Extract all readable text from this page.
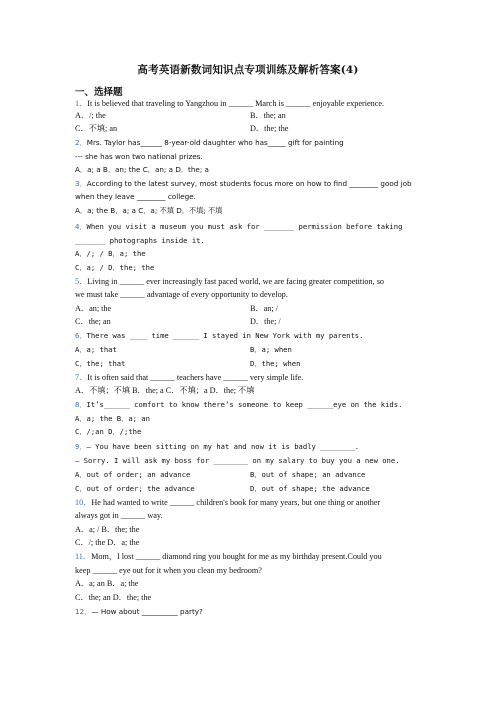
高考英语新数词知识点专项训练及解析答案(4)
一、选择题
1．It is believed that traveling to Yangzhou in ______ March is ______ enjoyable experience.
A．/; the	B．the; an
C．不填; an	D．the; the
2．Mrs. Taylor has______ 8-year-old daughter who has_____ gift for painting
--- she has won two national prizes.
A．a; a B．an; the C．an; a D．the; a
3．According to the latest survey, most students focus more on how to find ________ good job
when they leave ________ college.
A．a; the B．a; a C．a; 不填 D．不填; 不填
4．When you visit a museum you must ask for _______ permission before taking
_______ photographs inside it.
A．/; / B．a; the
C．a; / D．the; the
5．Living in ______ ever increasingly fast paced world, we are facing greater competition, so
we must take ______ advantage of every opportunity to develop.
A．an; the	B．an; /
C．the; an	D．the; /
6．There was ____ time ______ I stayed in New York with my parents.
A．a; that	B．a; when
C．the; that	D．the; when
7．It is often said that ______ teachers have ______ very simple life.
A．不填；不填 B．the; a C．不填；a D．the; 不填
8．It’s______ comfort to know there’s someone to keep ______eye on the kids.
A．a; the B．a; an
C．/;an D．/;the
9．— You have been sitting on my hat and now it is badly ________.
— Sorry. I will ask my boss for ________ on my salary to buy you a new one.
A．out of order; an advance	B．out of shape; an advance
C．out of order; the advance	D．out of shape; the advance
10．He had wanted to write ______ children's book for many years, but one thing or another
always got in ______ way.
A．a; / B．the; the
C．/; the D．a; the
11．Mom，I lost ______ diamond ring you bought for me as my birthday present.Could you
keep ______ eye out for it when you clean my bedroom?
A．a; an B．a; the
C．the; an D．the; the
12．— How about __________ party?
